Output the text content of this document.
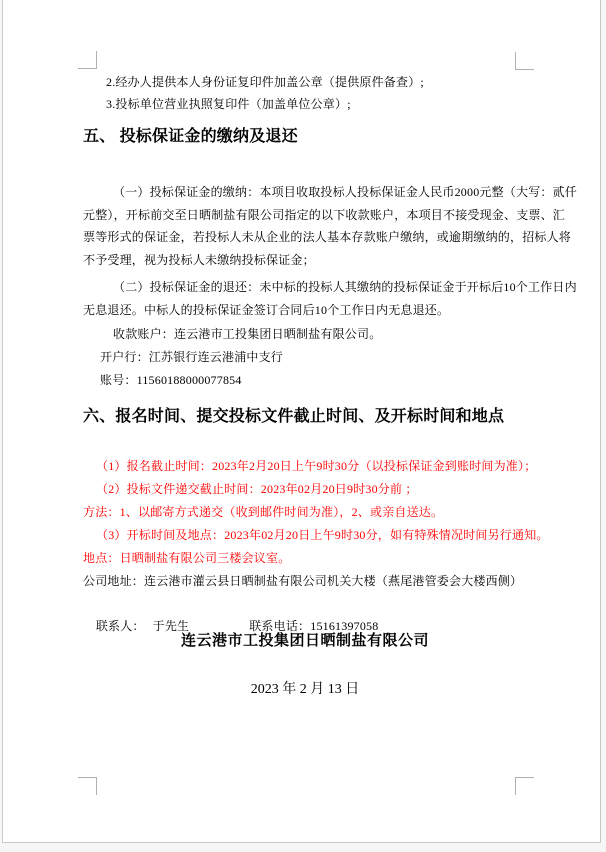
2.经办人提供本人身份证复印件加盖公章（提供原件备查）;
3.投标单位营业执照复印件（加盖单位公章）;
五、 投标保证金的缴纳及退还
（一）投标保证金的缴纳：本项目收取投标人投标保证金人民币2000元整（大写：贰仟
元整），开标前交至日晒制盐有限公司指定的以下收款账户，本项目不接受现金、支票、汇
票等形式的保证金，若投标人未从企业的法人基本存款账户缴纳，或逾期缴纳的，招标人将
不予受理，视为投标人未缴纳投标保证金；
（二）投标保证金的退还：未中标的投标人其缴纳的投标保证金于开标后10个工作日内
无息退还。中标人的投标保证金签订合同后10个工作日内无息退还。
收款账户：连云港市工投集团日晒制盐有限公司。
开户行：江苏银行连云港浦中支行
账号：11560188000077854
六、报名时间、提交投标文件截止时间、及开标时间和地点
（1）报名截止时间：2023年2月20日上午9时30分（以投标保证金到账时间为准）；
（2）投标文件递交截止时间：2023年02月20日9时30分前 ；
方法：1、以邮寄方式递交（收到邮件时间为准），2、或亲自送达。
（3）开标时间及地点：2023年02月20日上午9时30分，如有特殊情况时间另行通知。
地点：日晒制盐有限公司三楼会议室。
公司地址：连云港市灌云县日晒制盐有限公司机关大楼（燕尾港管委会大楼西侧）

联系人： 于先生	联系电话：15161397058

连云港市工投集团日晒制盐有限公司
2023 年 2 月 13 日
